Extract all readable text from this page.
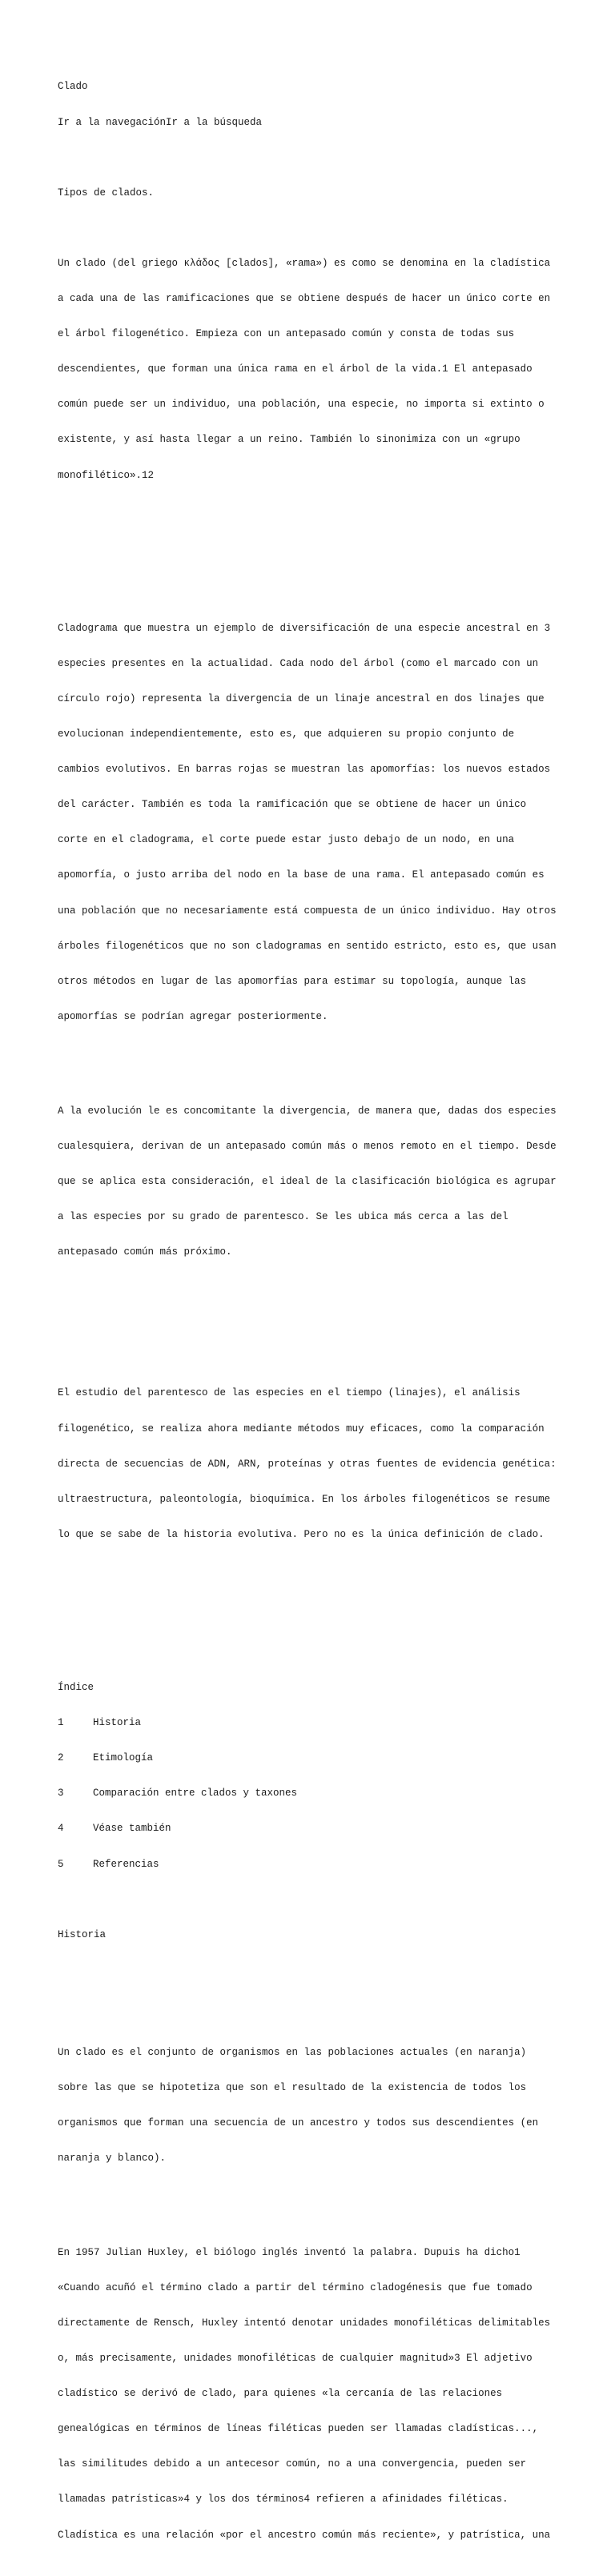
Clado

Ir a la navegaciónIr a la búsqueda

Tipos de clados.

Un clado (del griego κλάδος [clados], «rama») es como se denomina en la cladística

a cada una de las ramificaciones que se obtiene después de hacer un único corte en

el árbol filogenético. Empieza con un antepasado común y consta de todas sus

descendientes, que forman una única rama en el árbol de la vida.1 El antepasado

común puede ser un individuo, una población, una especie, no importa si extinto o

existente, y así hasta llegar a un reino. También lo sinonimiza con un «grupo

monofilético».12

Cladograma que muestra un ejemplo de diversificación de una especie ancestral en 3

especies presentes en la actualidad. Cada nodo del árbol (como el marcado con un

círculo rojo) representa la divergencia de un linaje ancestral en dos linajes que

evolucionan independientemente, esto es, que adquieren su propio conjunto de

cambios evolutivos. En barras rojas se muestran las apomorfías: los nuevos estados

del carácter. También es toda la ramificación que se obtiene de hacer un único

corte en el cladograma, el corte puede estar justo debajo de un nodo, en una

apomorfía, o justo arriba del nodo en la base de una rama. El antepasado común es

una población que no necesariamente está compuesta de un único individuo. Hay otros

árboles filogenéticos que no son cladogramas en sentido estricto, esto es, que usan

otros métodos en lugar de las apomorfías para estimar su topología, aunque las

apomorfías se podrían agregar posteriormente.

A la evolución le es concomitante la divergencia, de manera que, dadas dos especies

cualesquiera, derivan de un antepasado común más o menos remoto en el tiempo. Desde

que se aplica esta consideración, el ideal de la clasificación biológica es agrupar

a las especies por su grado de parentesco. Se les ubica más cerca a las del

antepasado común más próximo.

El estudio del parentesco de las especies en el tiempo (linajes), el análisis

filogenético, se realiza ahora mediante métodos muy eficaces, como la comparación

directa de secuencias de ADN, ARN, proteínas y otras fuentes de evidencia genética:

ultraestructura, paleontología, bioquímica. En los árboles filogenéticos se resume

lo que se sabe de la historia evolutiva. Pero no es la única definición de clado.

Índice

1	Historia

2	Etimología

3	Comparación entre clados y taxones

4	Véase también

5	Referencias

Historia

Un clado es el conjunto de organismos en las poblaciones actuales (en naranja)

sobre las que se hipotetiza que son el resultado de la existencia de todos los

organismos que forman una secuencia de un ancestro y todos sus descendientes (en

naranja y blanco).

En 1957 Julian Huxley, el biólogo inglés inventó la palabra. Dupuis ha dicho1

«Cuando acuñó el término clado a partir del término cladogénesis que fue tomado

directamente de Rensch, Huxley intentó denotar unidades monofiléticas delimitables

o, más precisamente, unidades monofiléticas de cualquier magnitud»3 El adjetivo

cladístico se derivó de clado, para quienes «la cercanía de las relaciones

genealógicas en términos de líneas filéticas pueden ser llamadas cladísticas...,

las similitudes debido a un antecesor común, no a una convergencia, pueden ser

llamadas patrísticas»4 y los dos términos4 refieren a afinidades filéticas.

Cladística es una relación «por el ancestro común más reciente», y patrística, una
